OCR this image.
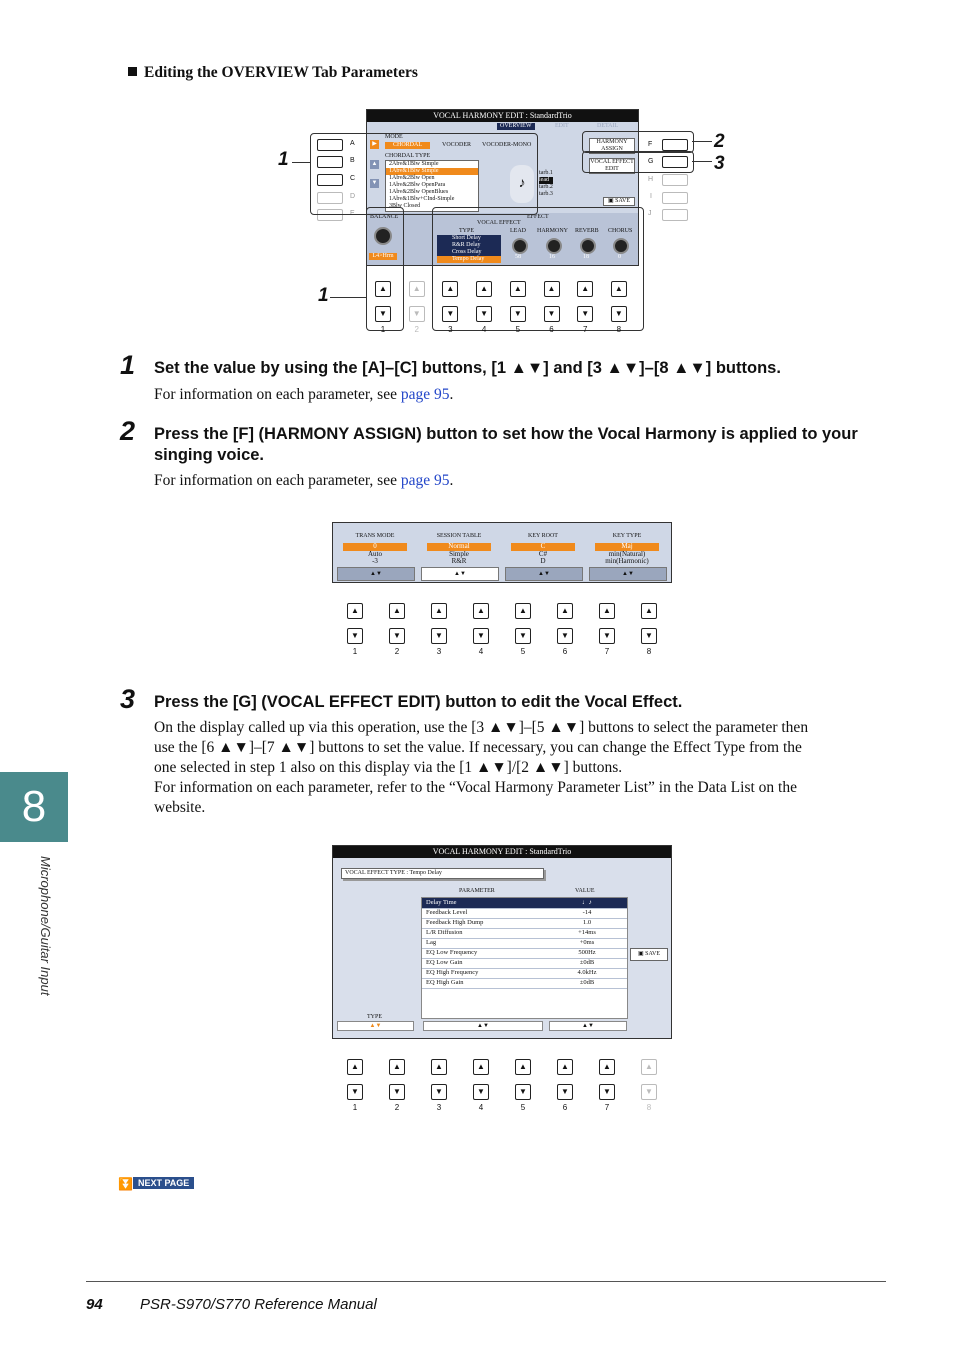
Editing the OVERVIEW Tab Parameters
VOCAL HARMONY EDIT : StandardTrio
OVERVIEW	EDIT	DETAIL
MODE
CHORDAL	VOCODER VOCODER-MONO
CHORDAL TYPE
2Abv&1Blw Simple
1Abv&1Blw Simple
1Abv&2Blw Open
1Abv&2Blw OpenPara
1Abv&2Blw OpenBlues
1Abv&1Blw+CInd-Simple
3Blw Closed
▶
▲
▼	♪
tarb.1
lead
tarb.2
tarb.3
HARMONY ASSIGN
VOCAL EFFECT EDIT
▣ SAVE
BALANCE
L4>Hrm
EFFECT
VOCAL EFFECT
TYPE
Short Delay
R&R Delay
Cross Delay
Tempo Delay
LEAD HARMONY REVERB CHORUS
58	16	18	0
A
B
C
D
E
F
G
H
I
J
1
1
2
3
▲
▼
1
▲
▼
2
▲
▼
3
▲
▼
4
▲
▼
5
▲
▼
6
▲
▼
7
▲
▼
8
1 Set the value by using the [A]–[C] buttons, [1 ▲▼] and [3 ▲▼]–[8 ▲▼] buttons.
For information on each parameter, see page 95.
2 Press the [F] (HARMONY ASSIGN) button to set how the Vocal Harmony is applied to your singing voice.
For information on each parameter, see page 95.
TRANS MODE
0
Auto
-3
▲▼
SESSION TABLE
Normal
Simple
R&R
▲▼
KEY ROOT
C
C#
D
▲▼
KEY TYPE
Maj
min(Natural)
min(Harmonic)
▲▼
▲
▼
1
▲
▼
2
▲
▼
3
▲
▼
4
▲
▼
5
▲
▼
6
▲
▼
7
▲
▼
8
3 Press the [G] (VOCAL EFFECT EDIT) button to edit the Vocal Effect.
On the display called up via this operation, use the [3 ▲▼]–[5 ▲▼] buttons to select the parameter then
use the [6 ▲▼]–[7 ▲▼] buttons to set the value. If necessary, you can change the Effect Type from the
one selected in step 1 also on this display via the [1 ▲▼]/[2 ▲▼] buttons.
For information on each parameter, refer to the “Vocal Harmony Parameter List” in the Data List on the
website.
VOCAL HARMONY EDIT : StandardTrio
VOCAL EFFECT TYPE : Tempo Delay
PARAMETER	VALUE
Delay Time	♩♪
Feedback Level	-14
Feedback High Dump	1.0
L/R Diffusion	+14ms
Lag	+0ms
EQ Low Frequency	500Hz
EQ Low Gain	±0dB
EQ High Frequency	4.0kHz
EQ High Gain	±0dB
▣ SAVE
TYPE
▲▼	▲▼	▲▼
▲
▼
1
▲
▼
2
▲
▼
3
▲
▼
4
▲
▼
5
▲
▼
6
▲
▼
7
▲
▼
8
⏬ NEXT PAGE
8
Microphone/Guitar Input
94 PSR-S970/S770 Reference Manual
